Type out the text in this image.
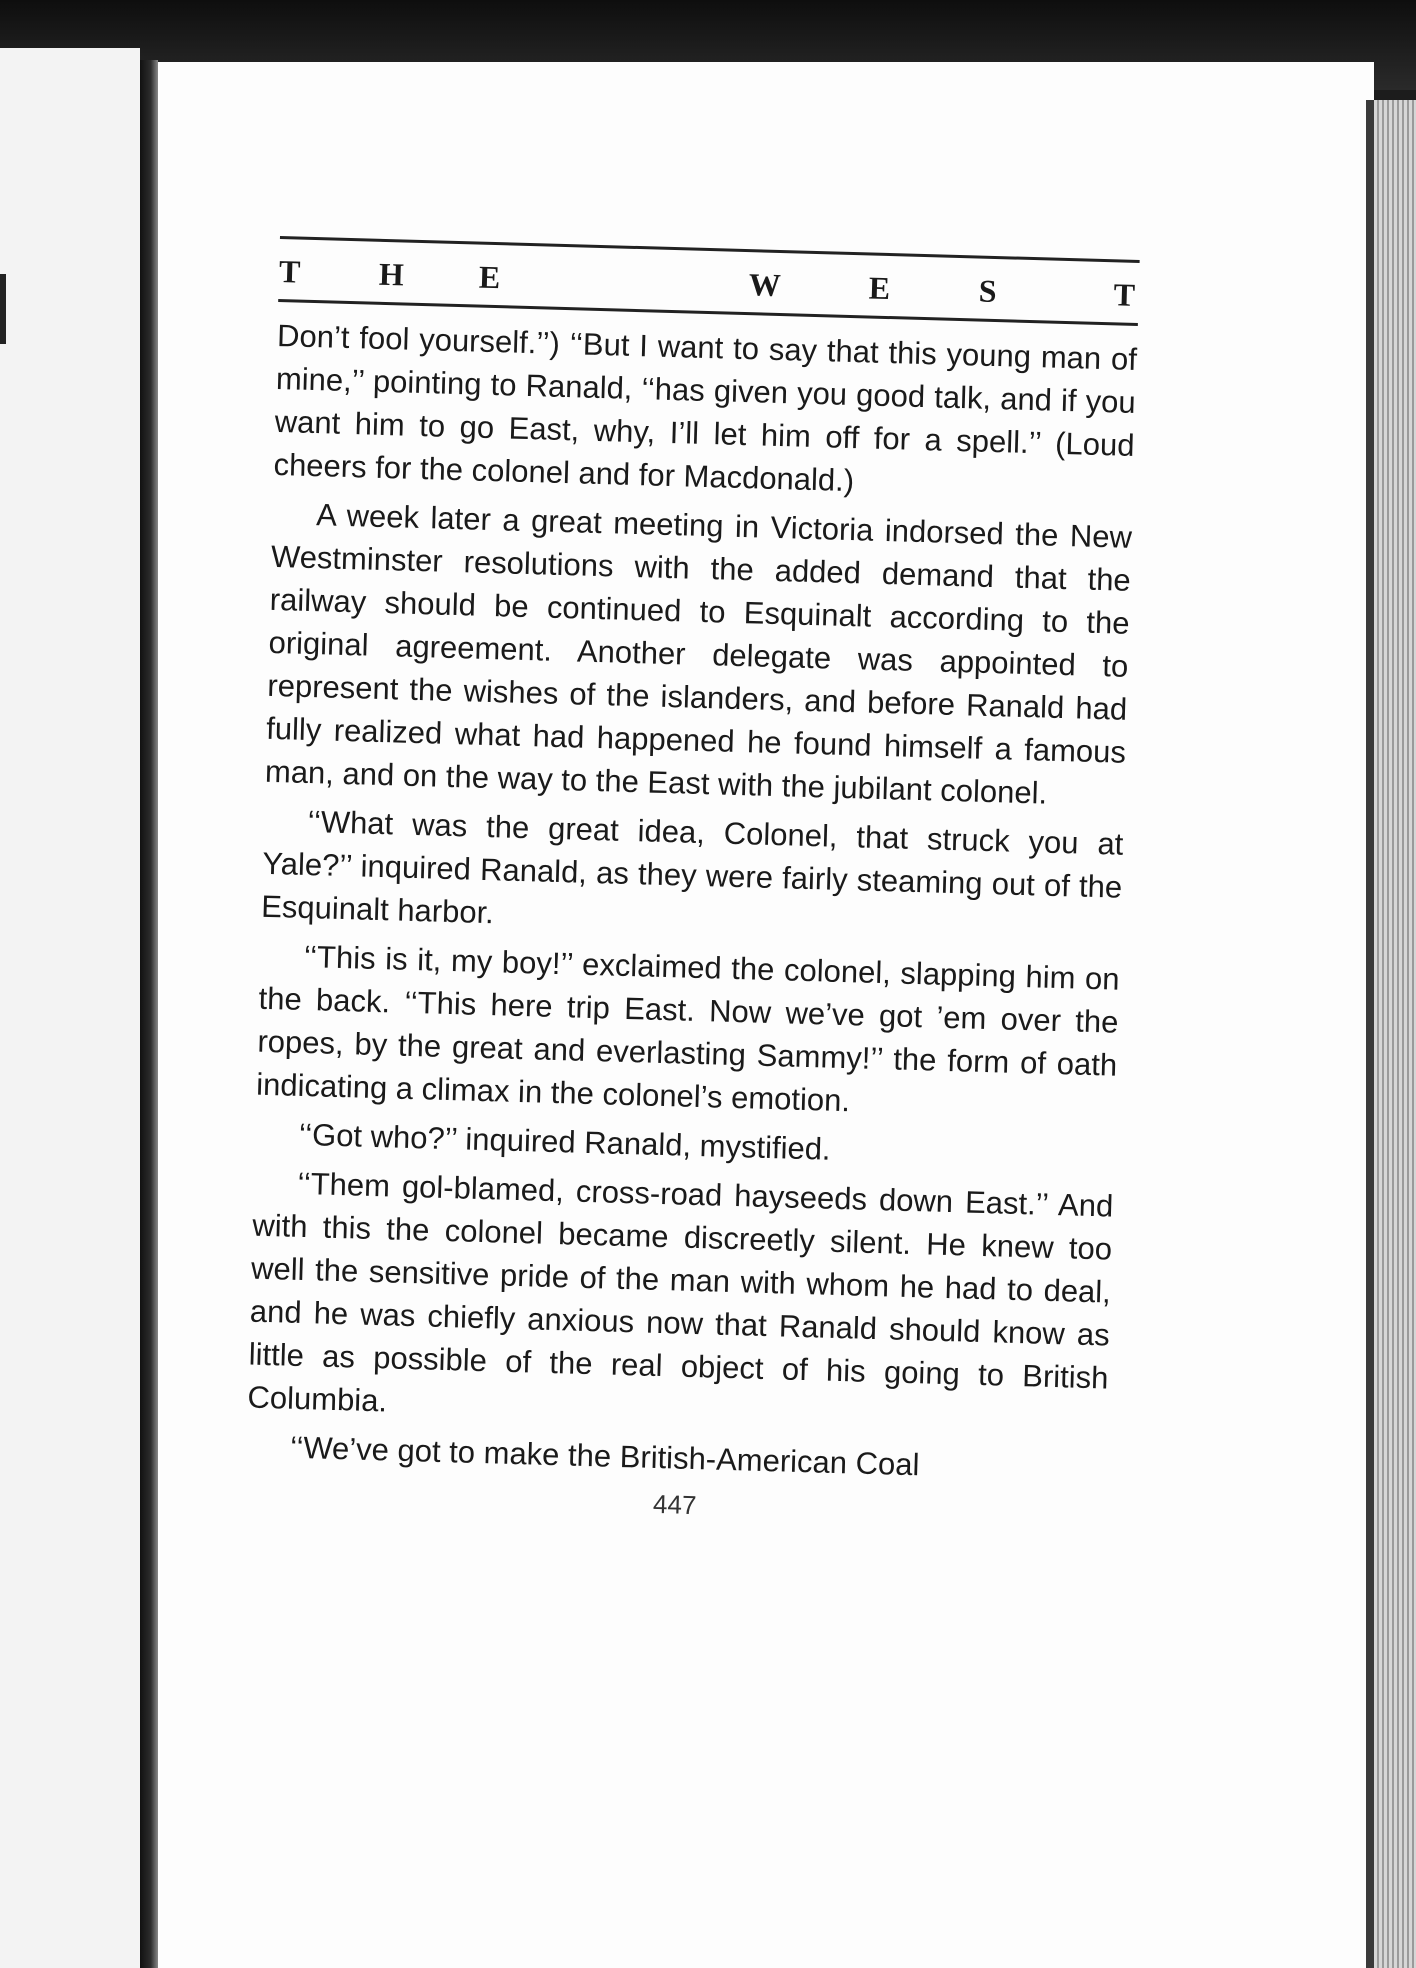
T H E	W	E	S	T

Don’t fool yourself.’’) ‘‘But I want to say that this young man of mine,’’ pointing to Ranald, ‘‘has given you good talk, and if you want him to go East, why, I’ll let him off for a spell.’’ (Loud cheers for the colonel and for Macdonald.)

A week later a great meeting in Victoria indorsed the New Westminster resolutions with the added demand that the railway should be continued to Esquinalt according to the original agreement. Another delegate was appointed to represent the wishes of the islanders, and before Ranald had fully realized what had happened he found himself a famous man, and on the way to the East with the jubilant colonel.

‘‘What was the great idea, Colonel, that struck you at Yale?’’ inquired Ranald, as they were fairly steaming out of the Esquinalt harbor.

‘‘This is it, my boy!’’ exclaimed the colonel, slapping him on the back. ‘‘This here trip East. Now we’ve got ’em over the ropes, by the great and everlasting Sammy!’’ the form of oath indicating a climax in the colonel’s emotion.

‘‘Got who?’’ inquired Ranald, mystified.

‘‘Them gol-blamed, cross-road hayseeds down East.’’ And with this the colonel became discreetly silent. He knew too well the sensitive pride of the man with whom he had to deal, and he was chiefly anxious now that Ranald should know as little as possible of the real object of his going to British Columbia.

‘‘We’ve got to make the British-American Coal

447
